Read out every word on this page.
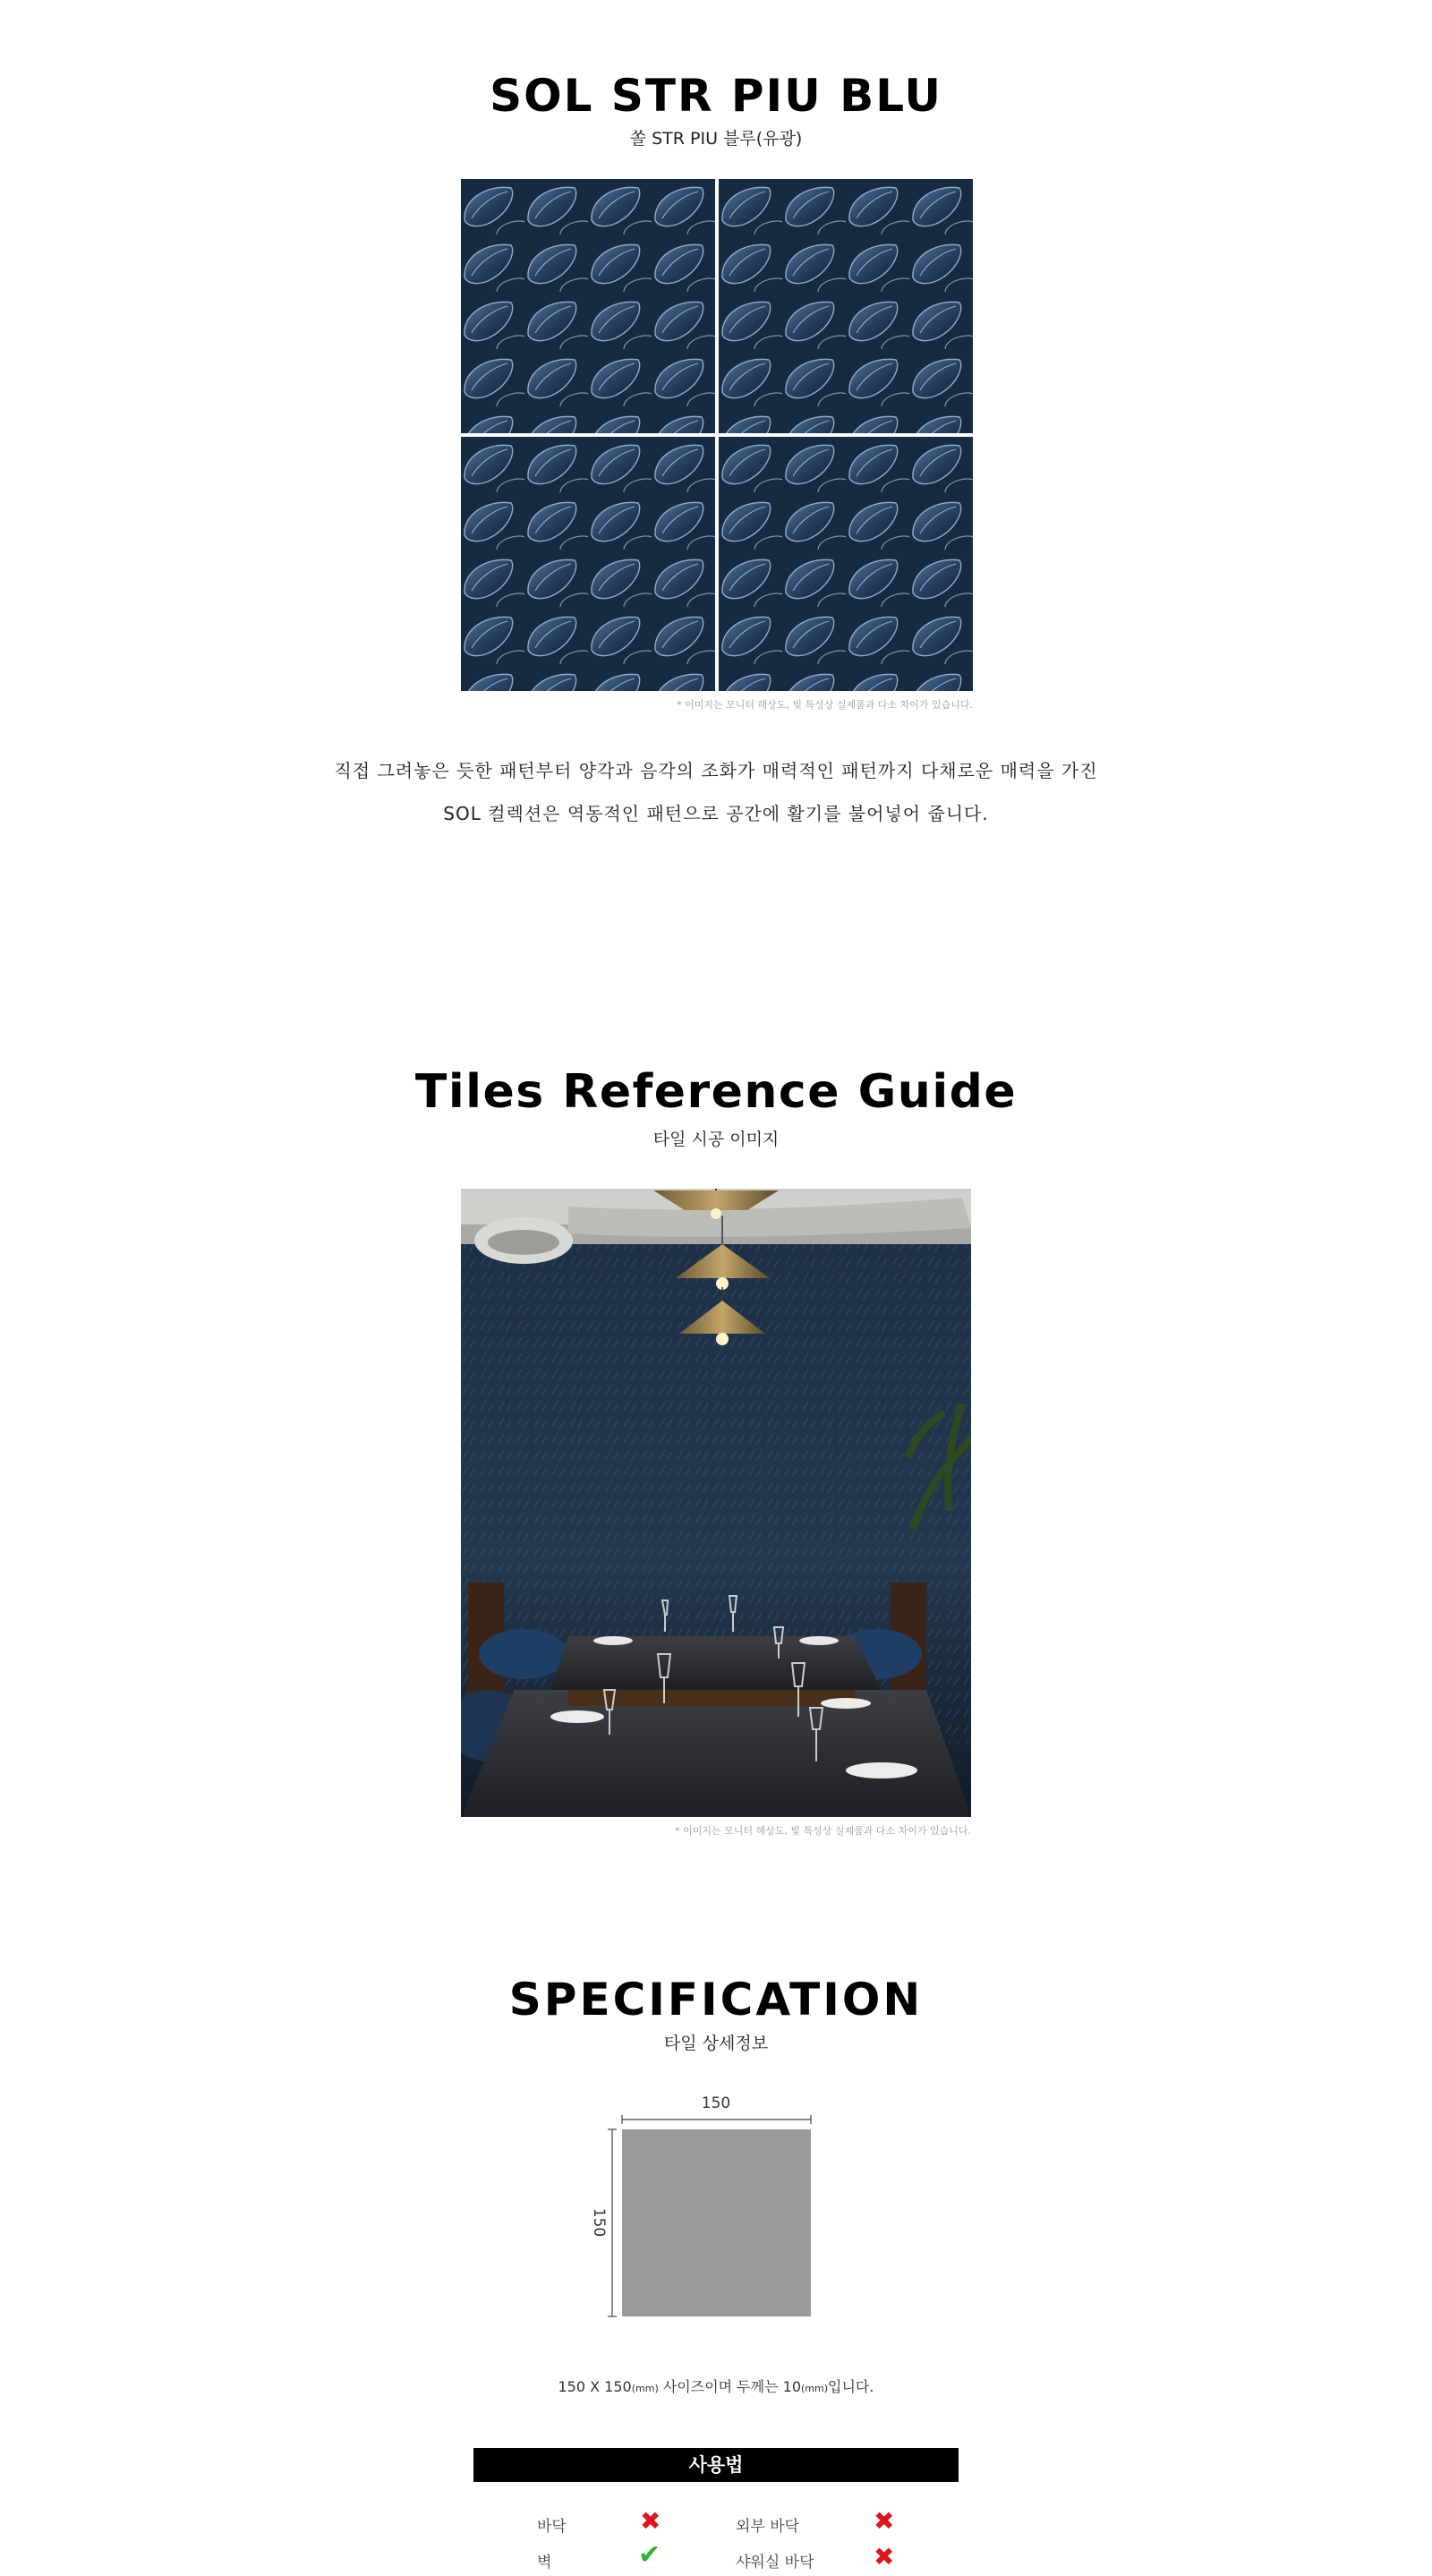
SOL STR PIU BLU
쏠 STR PIU 블루(유광)
* 이미지는 모니터 해상도, 빛 특성상 실제품과 다소 차이가 있습니다.
직접 그려놓은 듯한 패턴부터 양각과 음각의 조화가 매력적인 패턴까지 다채로운 매력을 가진
SOL 컬렉션은 역동적인 패턴으로 공간에 활기를 불어넣어 줍니다.
Tiles Reference Guide
타일 시공 이미지
* 이미지는 모니터 해상도, 빛 특성상 실제품과 다소 차이가 있습니다.
SPECIFICATION
타일 상세정보
150
150
150 X 150(mm) 사이즈이며 두께는 10(mm)입니다.
사용법
바닥	✖	외부 바닥	✖
벽	✔	샤워실 바닥 ✖
